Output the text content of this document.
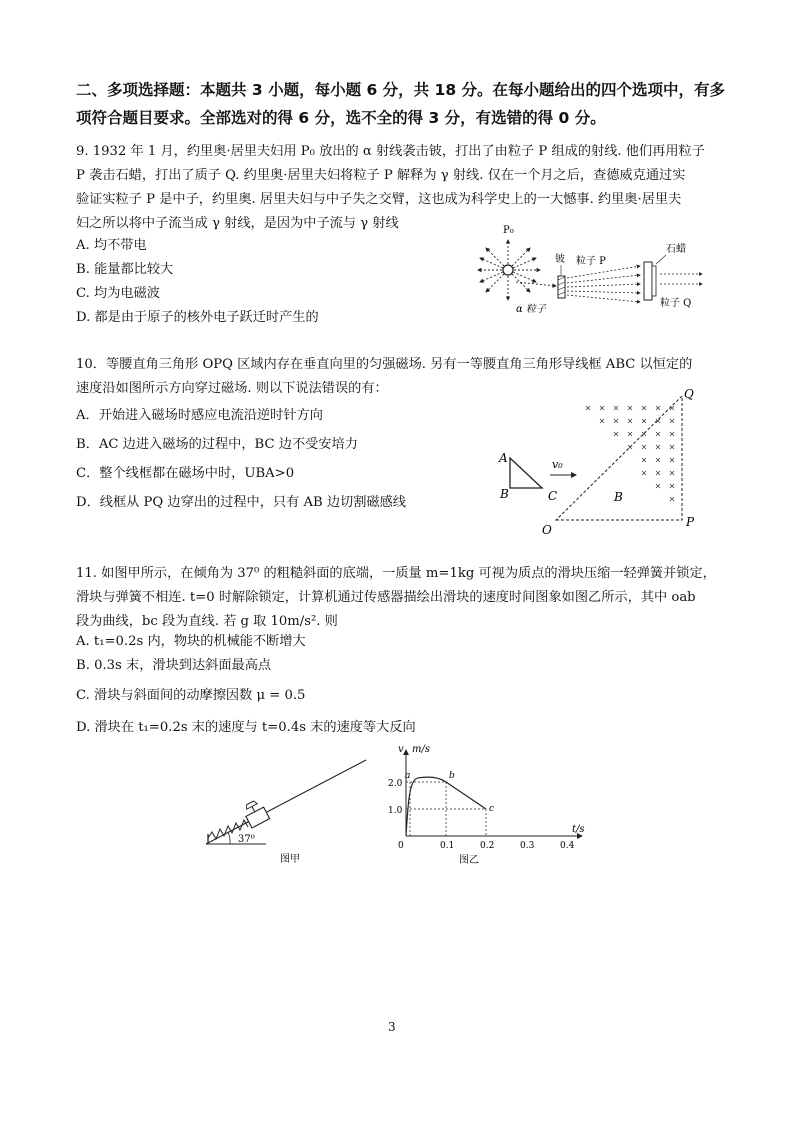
二、多项选择题：本题共 3 小题，每小题 6 分，共 18 分。在每小题给出的四个选项中，有多
项符合题目要求。全部选对的得 6 分，选不全的得 3 分，有选错的得 0 分。
9. 1932 年 1 月，约里奥·居里夫妇用 P₀ 放出的 α 射线袭击铍，打出了由粒子 P 组成的射线. 他们再用粒子
P 袭击石蜡，打出了质子 Q. 约里奥·居里夫妇将粒子 P 解释为 γ 射线. 仅在一个月之后，查德威克通过实
验证实粒子 P 是中子，约里奥. 居里夫妇与中子失之交臂，这也成为科学史上的一大憾事. 约里奥·居里夫
妇之所以将中子流当成 γ 射线，是因为中子流与 γ 射线
A. 均不带电
B. 能量都比较大
C. 均为电磁波
D. 都是由于原子的核外电子跃迁时产生的
P₀
α 粒子
铍 粒子 P
石蜡
粒子 Q
10．等腰直角三角形 OPQ 区域内存在垂直向里的匀强磁场. 另有一等腰直角三角形导线框 ABC 以恒定的
速度沿如图所示方向穿过磁场. 则以下说法错误的有：
A．开始进入磁场时感应电流沿逆时针方向
B．AC 边进入磁场的过程中，BC 边不受安培力
C．整个线框都在磁场中时，UBA>0
D．线框从 PQ 边穿出的过程中，只有 AB 边切割磁感线
A
B	C
v₀
O
P
Q
B
11. 如图甲所示，在倾角为 37⁰ 的粗糙斜面的底端，一质量 m=1kg 可视为质点的滑块压缩一轻弹簧并锁定，
滑块与弹簧不相连. t=0 时解除锁定，计算机通过传感器描绘出滑块的速度时间图象如图乙所示，其中 oab
段为曲线，bc 段为直线. 若 g 取 10m/s². 则
A. t₁=0.2s 内，物块的机械能不断增大
B. 0.3s 末，滑块到达斜面最高点
C. 滑块与斜面间的动摩擦因数 μ = 0.5
D. 滑块在 t₁=0.2s 末的速度与 t=0.4s 末的速度等大反向
37⁰
图甲
v m/s
t/s
2.0
1.0
0	0.1	0.2	0.3	0.4
a	b
c
图乙
3
